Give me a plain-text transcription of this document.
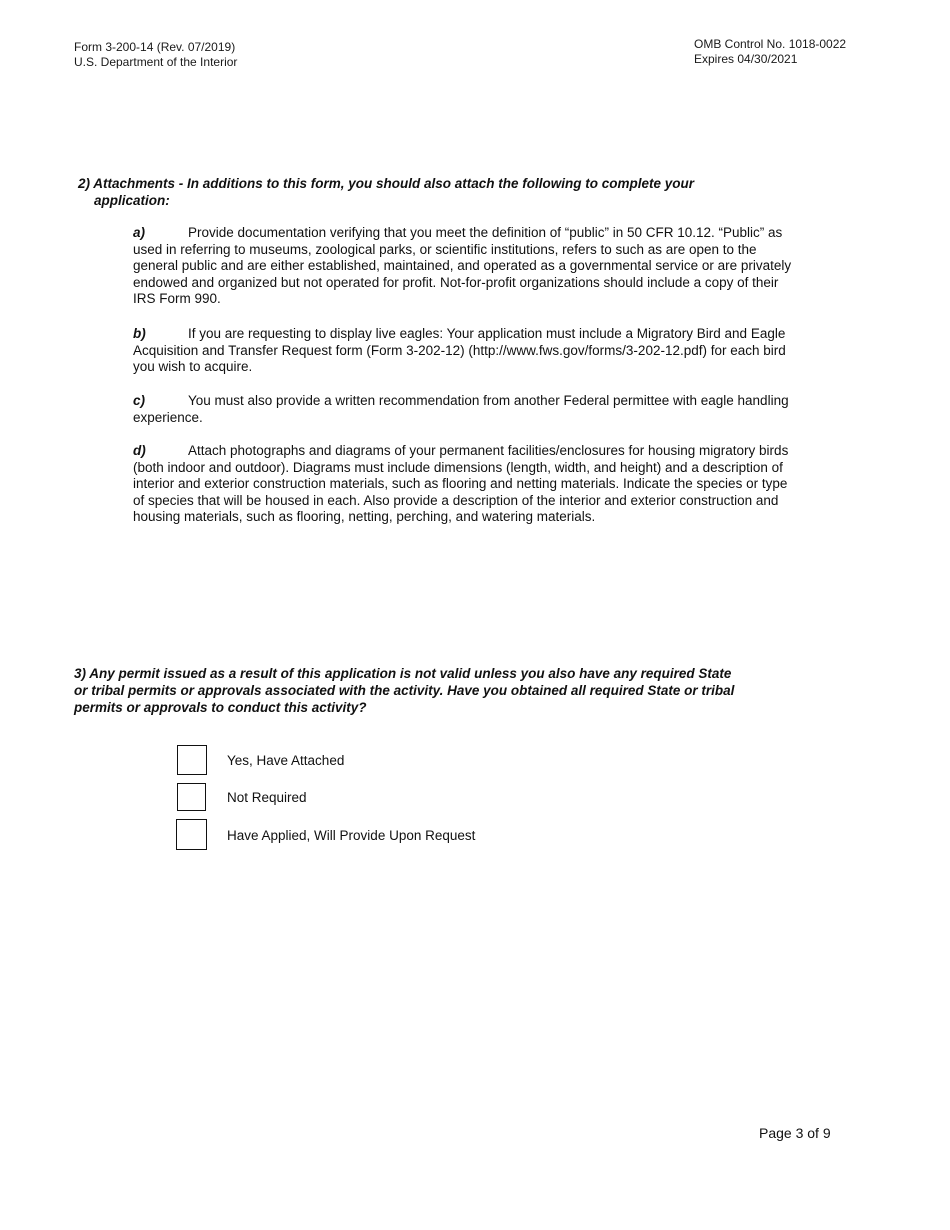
Form 3-200-14 (Rev. 07/2019)
U.S. Department of the Interior
OMB Control No. 1018-0022
Expires 04/30/2021
2) Attachments - In additions to this form, you should also attach the following to complete your
application:
a)	Provide documentation verifying that you meet the definition of “public” in 50 CFR 10.12. “Public” as used in referring to museums, zoological parks, or scientific institutions, refers to such as are open to the general public and are either established, maintained, and operated as a governmental service or are privately endowed and organized but not operated for profit. Not-for-profit organizations should include a copy of their IRS Form 990.
b)	If you are requesting to display live eagles: Your application must include a Migratory Bird and Eagle Acquisition and Transfer Request form (Form 3-202-12) (http://www.fws.gov/forms/3-202-12.pdf) for each bird you wish to acquire.
c)	You must also provide a written recommendation from another Federal permittee with eagle handling experience.
d)	Attach photographs and diagrams of your permanent facilities/enclosures for housing migratory birds (both indoor and outdoor). Diagrams must include dimensions (length, width, and height) and a description of interior and exterior construction materials, such as flooring and netting materials. Indicate the species or type of species that will be housed in each. Also provide a description of the interior and exterior construction and housing materials, such as flooring, netting, perching, and watering materials.
3) Any permit issued as a result of this application is not valid unless you also have any required State
or tribal permits or approvals associated with the activity. Have you obtained all required State or tribal
permits or approvals to conduct this activity?
Yes, Have Attached
Not Required
Have Applied, Will Provide Upon Request
Page 3 of 9
